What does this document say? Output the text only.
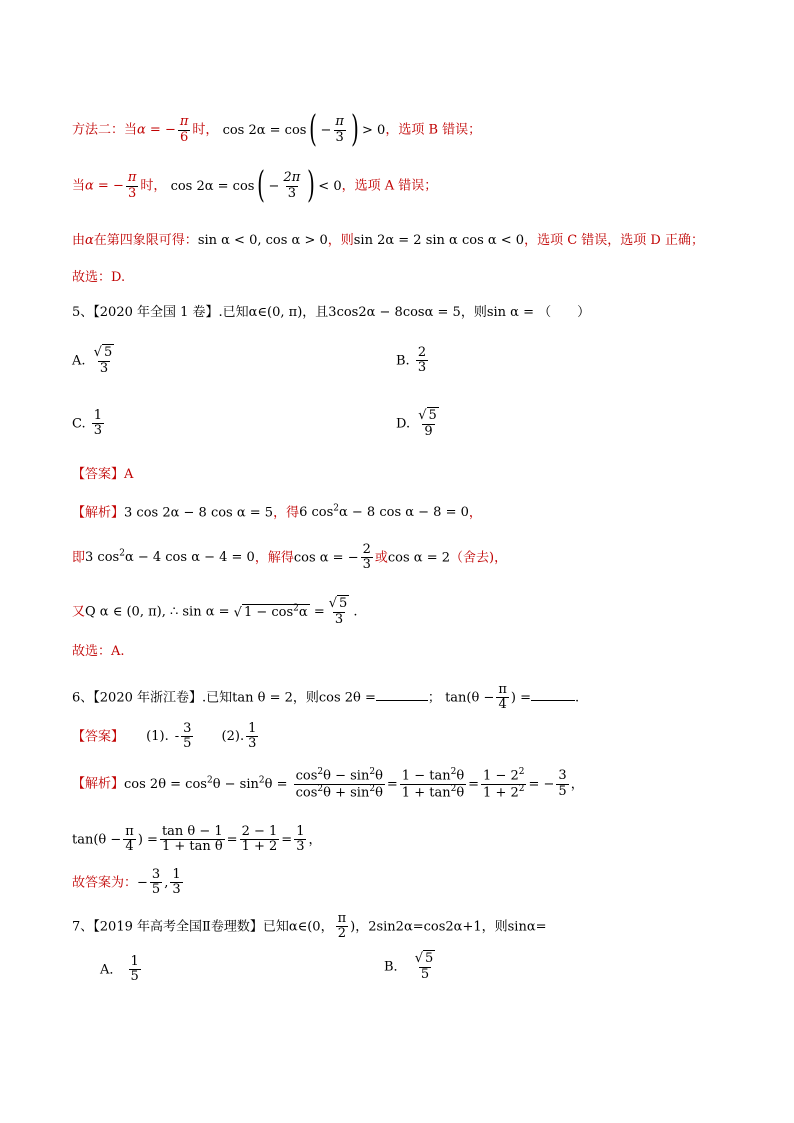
方法二：当α = − $\frac{\pi}{6}$ 时， $\cos 2\alpha = \cos( - \frac{\pi}{3}$ ) > 0，选项 B 错误；
当α = − $\frac{\pi}{3}$ 时， $\cos 2\alpha = \cos( - \frac{2\pi}{3}$ ) < 0，选项 A 错误；
由α在第四象限可得：sin α < 0, cos α > 0，则sin 2α = 2 sin α cos α < 0，选项 C 错误，选项 D 正确；
故选：D.
5、【2020 年全国 1 卷】.已知α∈(0, π)，且3cos2α − 8cosα = 5，则sin α = （　　）
A. $\frac{√ 5}{3}$	B. $\frac{2}{3}$
C. $\frac{1}{3}$	D. $\frac{√ 5}{9}$
【答案】A
【解析】3 cos 2α − 8 cos α = 5，得6 $\cos^2\alpha - 8$ cos α − 8 = 0，
即3 $\cos^2\alpha - 4$ cos α − 4 = 0，解得cos α = − $\frac{2}{3}$ 或cos α = 2（舍去)，
又Q α ∈ (0, π), ∴ sin α = √ $1 - \cos^2\alpha = \frac{√ 5}{3}$ .
故选：A.
6、【2020 年浙江卷】.已知tan θ = 2，则cos 2θ =	； $\tan(\theta - \frac{\pi}{4}$ ) =	.
【答案】 (1). - $\frac{3}{5} (2)$. $\frac{1}{3}$
【解析】$\cos 2\theta = \cos^2\theta - \sin^2\theta = \frac{\cos^2\theta - \sin^2\theta}{\cos^2\theta + \sin^2\theta} = \frac{1 - \tan^2\theta}{1 + \tan^2\theta} = \frac{1 - 2^2}{1 + 2^2}$ = − $\frac{3}{5}$ ，
$\tan(\theta - \frac{\pi}{4}$ ) = $\frac{\text{tan θ − 1}}{\text{1 + tan θ}} = \frac{2 - 1}{1 + 2} = \frac{1}{3}$ ，
故答案为：− $\frac{3}{5}$ , $\frac{1}{3}$
7、【2019 年高考全国Ⅱ卷理数】已知α∈(0， $\frac{\pi}{2}$ )，2sin2α=cos2α+1，则sinα=
A． $\frac{1}{5}$	B． $\frac{√ 5}{5}$
